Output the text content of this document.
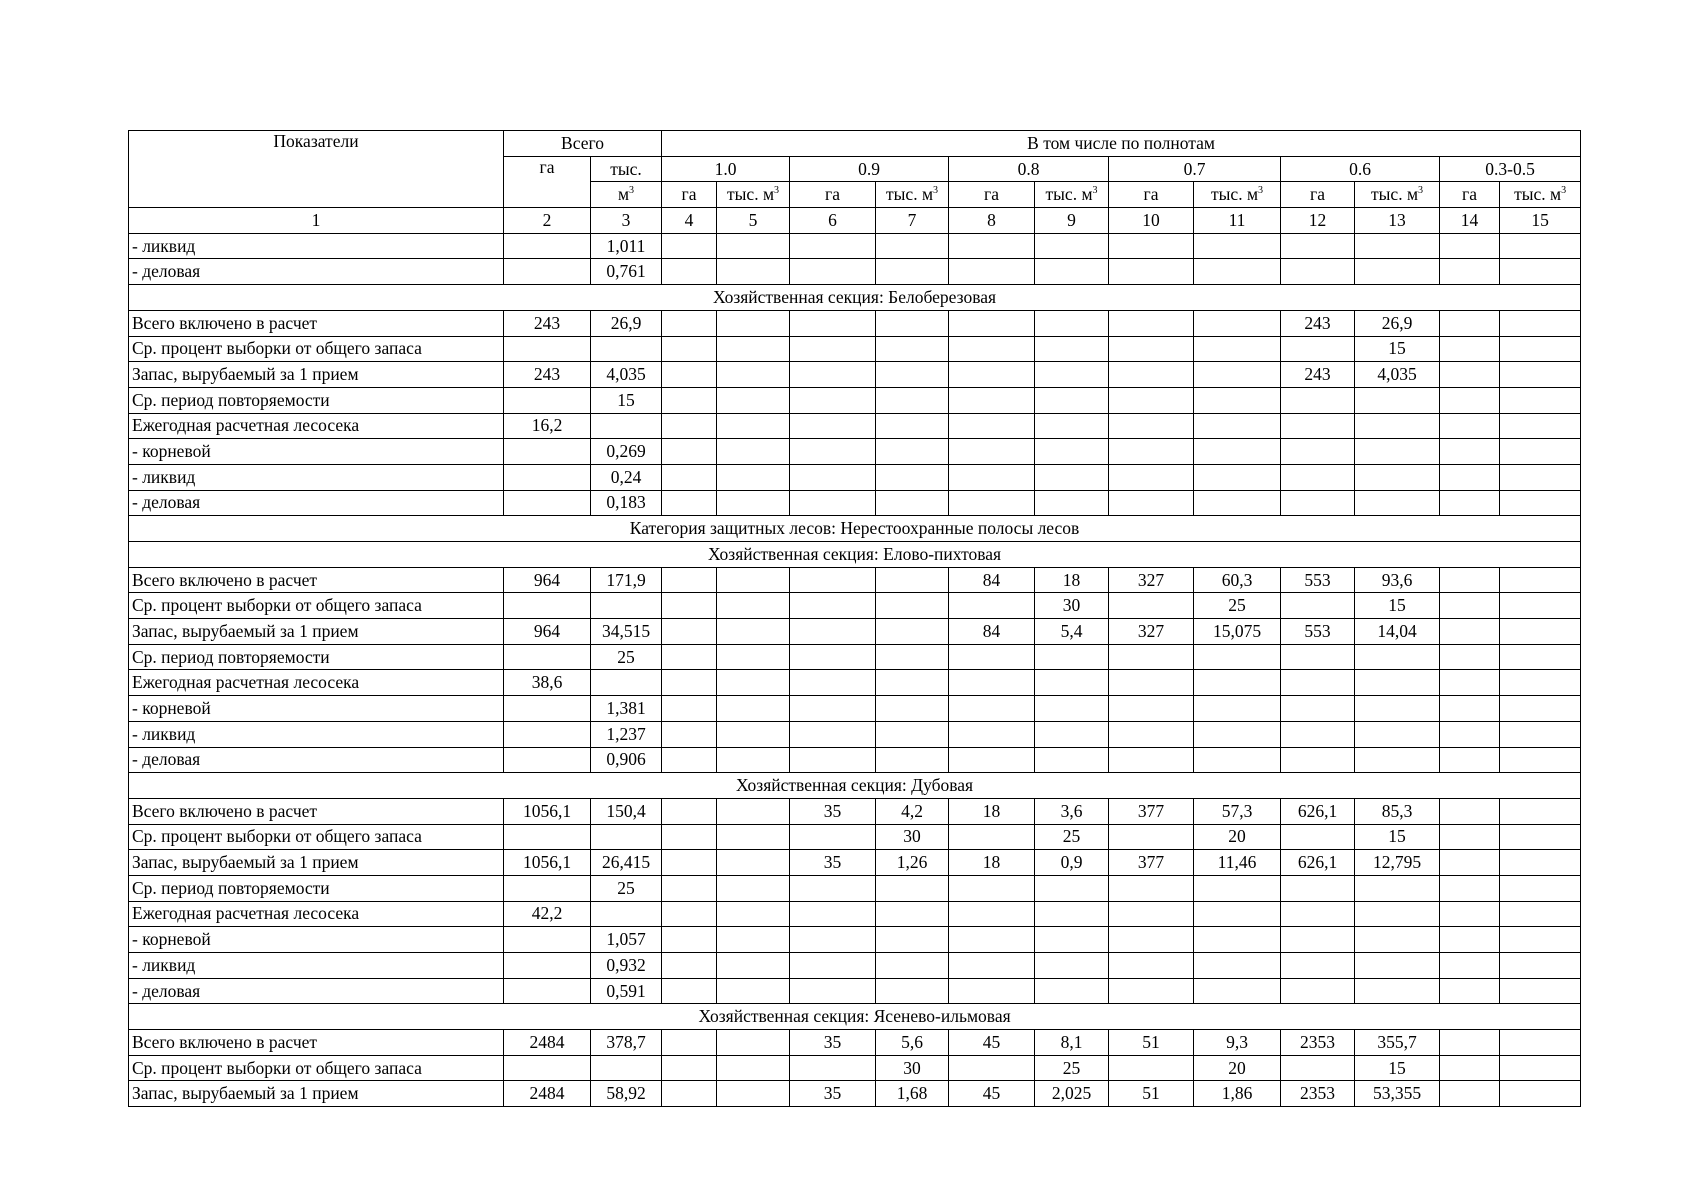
Показатели	Всего		В том числе по полнотам											
	га	тыс.	1.0		0.9		0.8		0.7		0.6		0.3-0.5	
		$м^3$	га	тыс. $м^3$	га	тыс. $м^3$	га	тыс. $м^3$	га	тыс. $м^3$	га	тыс. $м^3$	га	тыс. $м^3$
1	2	3	4	5	6	7	8	9	10	11	12	13	14	15
- ликвид		1,011												
- деловая		0,761												
Хозяйственная секция: Белоберезовая														
Всего включено в расчет	243	26,9									243	26,9		
Ср. процент выборки от общего запаса												15		
Запас, вырубаемый за 1 прием	243	4,035									243	4,035		
Ср. период повторяемости		15												
Ежегодная расчетная лесосека	16,2													
- корневой		0,269												
- ликвид		0,24												
- деловая		0,183												
Категория защитных лесов: Нерестоохранные полосы лесов														
Хозяйственная секция: Елово-пихтовая														
Всего включено в расчет	964	171,9					84	18	327	60,3	553	93,6		
Ср. процент выборки от общего запаса								30		25		15		
Запас, вырубаемый за 1 прием	964	34,515					84	5,4	327	15,075	553	14,04		
Ср. период повторяемости		25												
Ежегодная расчетная лесосека	38,6													
- корневой		1,381												
- ликвид		1,237												
- деловая		0,906												
Хозяйственная секция: Дубовая														
Всего включено в расчет	1056,1	150,4			35	4,2	18	3,6	377	57,3	626,1	85,3		
Ср. процент выборки от общего запаса						30		25		20		15		
Запас, вырубаемый за 1 прием	1056,1	26,415			35	1,26	18	0,9	377	11,46	626,1	12,795		
Ср. период повторяемости		25												
Ежегодная расчетная лесосека	42,2													
- корневой		1,057												
- ликвид		0,932												
- деловая		0,591												
Хозяйственная секция: Ясенево-ильмовая														
Всего включено в расчет	2484	378,7			35	5,6	45	8,1	51	9,3	2353	355,7		
Ср. процент выборки от общего запаса						30		25		20		15		
Запас, вырубаемый за 1 прием	2484	58,92			35	1,68	45	2,025	51	1,86	2353	53,355		
